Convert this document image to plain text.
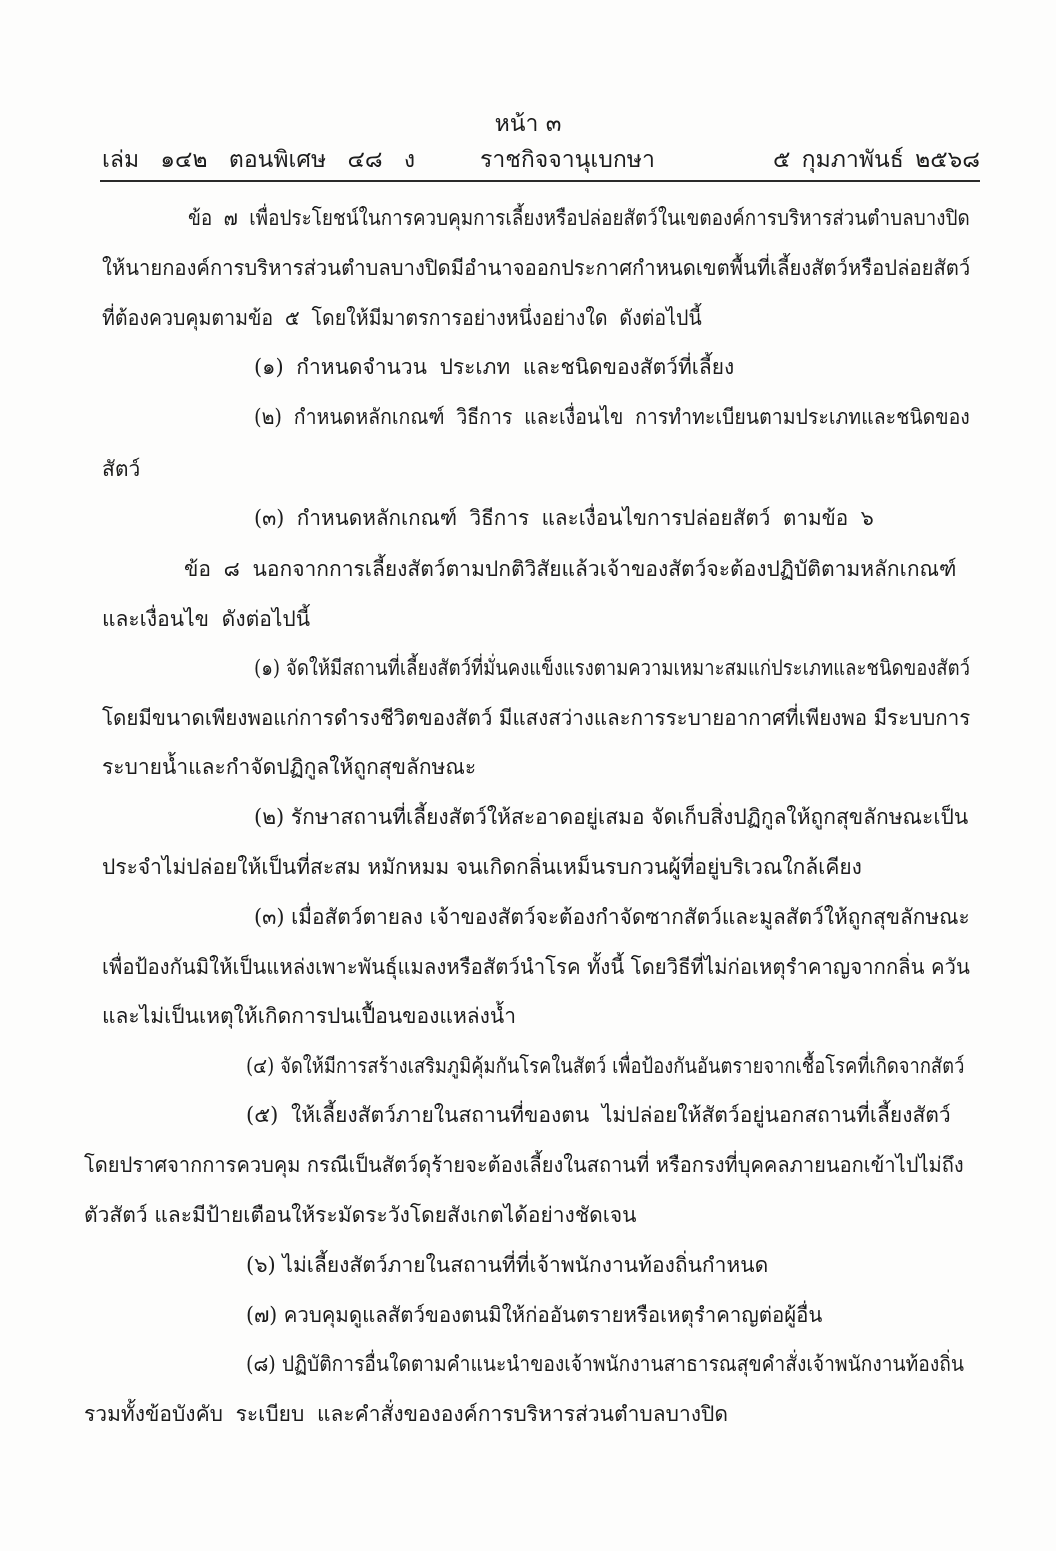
หน้า ๓
เล่ม ๑๔๒ ตอนพิเศษ ๔๘ ง	ราชกิจจานุเบกษา	๕ กุมภาพันธ์ ๒๕๖๘
ข้อ ๗ เพื่อประโยชน์ในการควบคุมการเลี้ยงหรือปล่อยสัตว์ในเขตองค์การบริหารส่วนตำบลบางปิด
ให้นายกองค์การบริหารส่วนตำบลบางปิดมีอำนาจออกประกาศกำหนดเขตพื้นที่เลี้ยงสัตว์หรือปล่อยสัตว์
ที่ต้องควบคุมตามข้อ ๕ โดยให้มีมาตรการอย่างหนึ่งอย่างใด ดังต่อไปนี้
(๑) กำหนดจำนวน ประเภท และชนิดของสัตว์ที่เลี้ยง
(๒) กำหนดหลักเกณฑ์ วิธีการ และเงื่อนไข การทำทะเบียนตามประเภทและชนิดของ
สัตว์
(๓) กำหนดหลักเกณฑ์ วิธีการ และเงื่อนไขการปล่อยสัตว์ ตามข้อ ๖
ข้อ ๘ นอกจากการเลี้ยงสัตว์ตามปกติวิสัยแล้วเจ้าของสัตว์จะต้องปฏิบัติตามหลักเกณฑ์
และเงื่อนไข ดังต่อไปนี้
(๑) จัดให้มีสถานที่เลี้ยงสัตว์ที่มั่นคงแข็งแรงตามความเหมาะสมแก่ประเภทและชนิดของสัตว์
โดยมีขนาดเพียงพอแก่การดำรงชีวิตของสัตว์ มีแสงสว่างและการระบายอากาศที่เพียงพอ มีระบบการ
ระบายน้ำและกำจัดปฏิกูลให้ถูกสุขลักษณะ
(๒) รักษาสถานที่เลี้ยงสัตว์ให้สะอาดอยู่เสมอ จัดเก็บสิ่งปฏิกูลให้ถูกสุขลักษณะเป็น
ประจำไม่ปล่อยให้เป็นที่สะสม หมักหมม จนเกิดกลิ่นเหม็นรบกวนผู้ที่อยู่บริเวณใกล้เคียง
(๓) เมื่อสัตว์ตายลง เจ้าของสัตว์จะต้องกำจัดซากสัตว์และมูลสัตว์ให้ถูกสุขลักษณะ
เพื่อป้องกันมิให้เป็นแหล่งเพาะพันธุ์แมลงหรือสัตว์นำโรค ทั้งนี้ โดยวิธีที่ไม่ก่อเหตุรำคาญจากกลิ่น ควัน
และไม่เป็นเหตุให้เกิดการปนเปื้อนของแหล่งน้ำ
(๔) จัดให้มีการสร้างเสริมภูมิคุ้มกันโรคในสัตว์ เพื่อป้องกันอันตรายจากเชื้อโรคที่เกิดจากสัตว์
(๕) ให้เลี้ยงสัตว์ภายในสถานที่ของตน ไม่ปล่อยให้สัตว์อยู่นอกสถานที่เลี้ยงสัตว์
โดยปราศจากการควบคุม กรณีเป็นสัตว์ดุร้ายจะต้องเลี้ยงในสถานที่ หรือกรงที่บุคคลภายนอกเข้าไปไม่ถึง
ตัวสัตว์ และมีป้ายเตือนให้ระมัดระวังโดยสังเกตได้อย่างชัดเจน
(๖) ไม่เลี้ยงสัตว์ภายในสถานที่ที่เจ้าพนักงานท้องถิ่นกำหนด
(๗) ควบคุมดูแลสัตว์ของตนมิให้ก่ออันตรายหรือเหตุรำคาญต่อผู้อื่น
(๘) ปฏิบัติการอื่นใดตามคำแนะนำของเจ้าพนักงานสาธารณสุขคำสั่งเจ้าพนักงานท้องถิ่น
รวมทั้งข้อบังคับ ระเบียบ และคำสั่งขององค์การบริหารส่วนตำบลบางปิด
